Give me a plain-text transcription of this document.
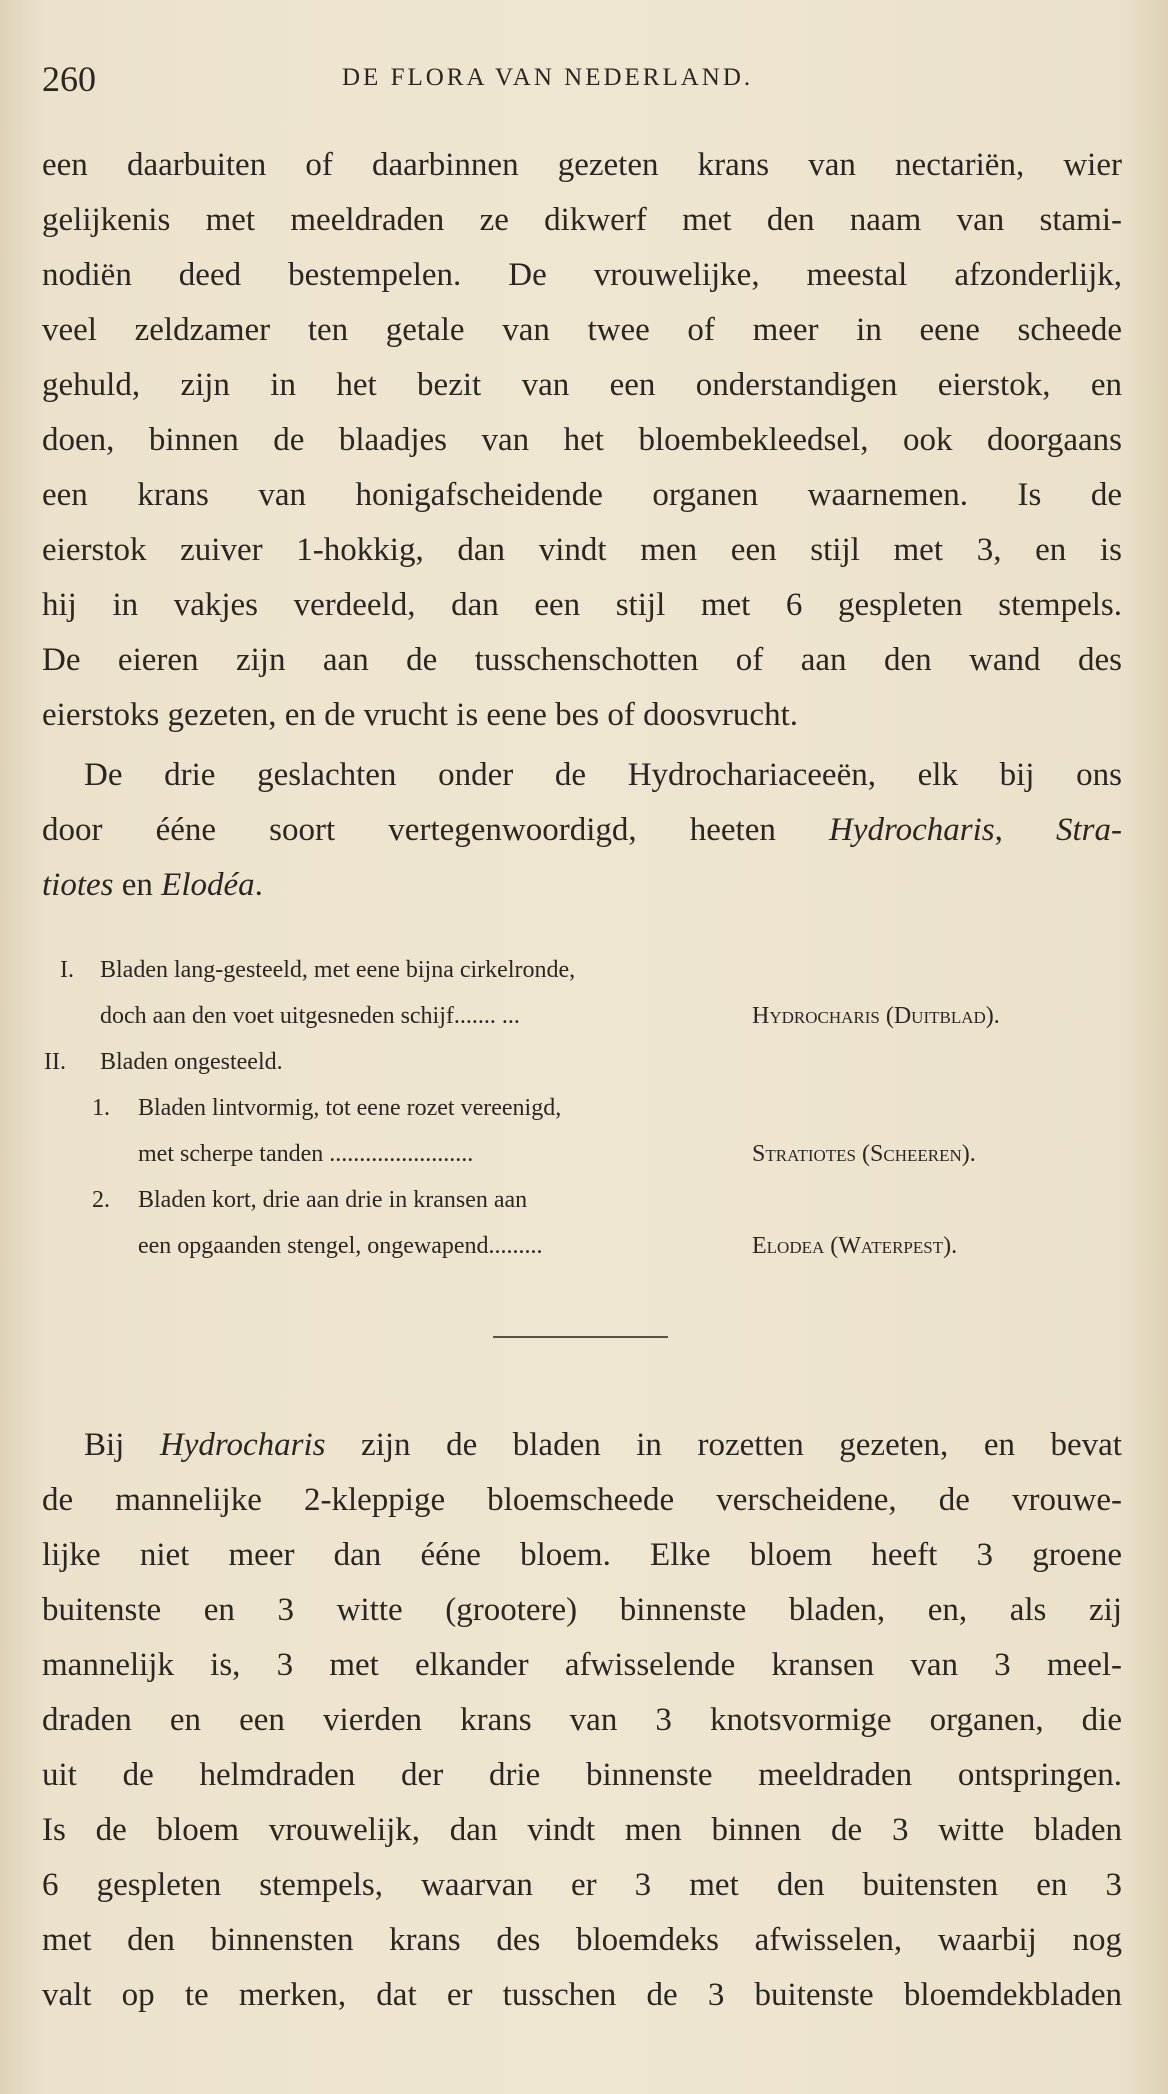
260	DE FLORA VAN NEDERLAND.
een daarbuiten of daarbinnen gezeten krans van nectariën, wier
gelijkenis met meeldraden ze dikwerf met den naam van stami-
nodiën deed bestempelen. De vrouwelijke, meestal afzonderlijk,
veel zeldzamer ten getale van twee of meer in eene scheede
gehuld, zijn in het bezit van een onderstandigen eierstok, en
doen, binnen de blaadjes van het bloembekleedsel, ook doorgaans
een krans van honigafscheidende organen waarnemen. Is de
eierstok zuiver 1-hokkig, dan vindt men een stijl met 3, en is
hij in vakjes verdeeld, dan een stijl met 6 gespleten stempels.
De eieren zijn aan de tusschenschotten of aan den wand des
eierstoks gezeten, en de vrucht is eene bes of doosvrucht.
De drie geslachten onder de Hydrochariaceeën, elk bij ons
door ééne soort vertegenwoordigd, heeten Hydrocharis, Stra-
tiotes en Elodéa.
I. Bladen lang-gesteeld, met eene bijna cirkelronde,
doch aan den voet uitgesneden schijf....... ...	Hydrocharis (Duitblad).
II. Bladen ongesteeld.
1. Bladen lintvormig, tot eene rozet vereenigd,
met scherpe tanden ........................	Stratiotes (Scheeren).
2. Bladen kort, drie aan drie in kransen aan
een opgaanden stengel, ongewapend.........	Elodea (Waterpest).
Bij Hydrocharis zijn de bladen in rozetten gezeten, en bevat
de mannelijke 2-kleppige bloemscheede verscheidene, de vrouwe-
lijke niet meer dan ééne bloem. Elke bloem heeft 3 groene
buitenste en 3 witte (grootere) binnenste bladen, en, als zij
mannelijk is, 3 met elkander afwisselende kransen van 3 meel-
draden en een vierden krans van 3 knotsvormige organen, die
uit de helmdraden der drie binnenste meeldraden ontspringen.
Is de bloem vrouwelijk, dan vindt men binnen de 3 witte bladen
6 gespleten stempels, waarvan er 3 met den buitensten en 3
met den binnensten krans des bloemdeks afwisselen, waarbij nog
valt op te merken, dat er tusschen de 3 buitenste bloemdekbladen
